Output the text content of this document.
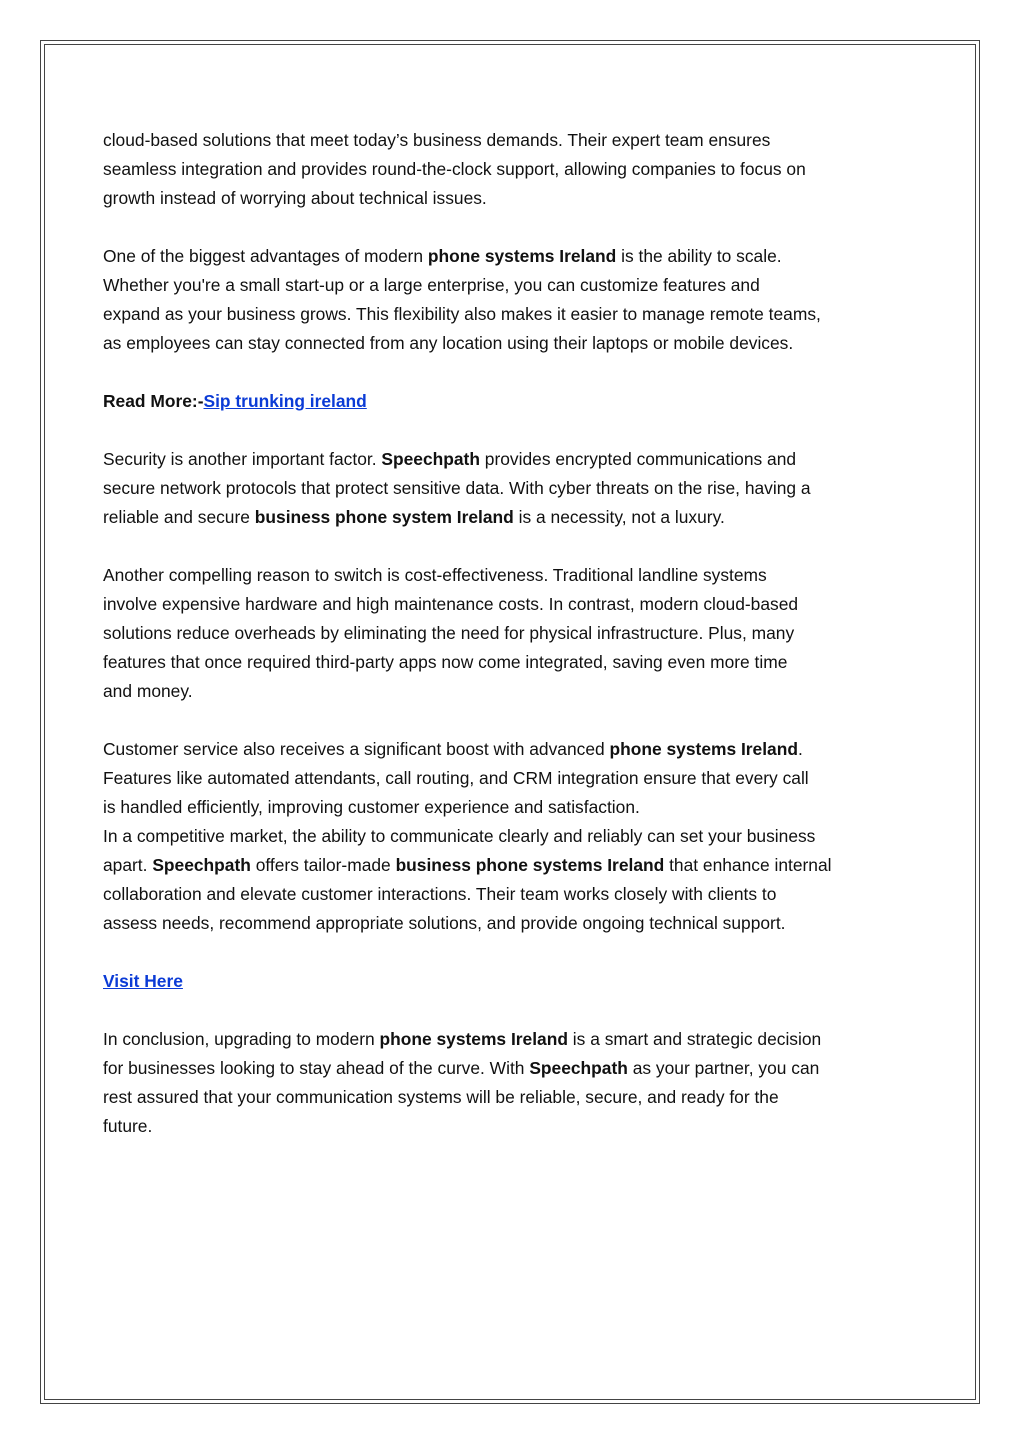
cloud-based solutions that meet today’s business demands. Their expert team ensures
seamless integration and provides round-the-clock support, allowing companies to focus on
growth instead of worrying about technical issues.

One of the biggest advantages of modern phone systems Ireland is the ability to scale.
Whether you're a small start-up or a large enterprise, you can customize features and
expand as your business grows. This flexibility also makes it easier to manage remote teams,
as employees can stay connected from any location using their laptops or mobile devices.

Read More:-Sip trunking ireland

Security is another important factor. Speechpath provides encrypted communications and
secure network protocols that protect sensitive data. With cyber threats on the rise, having a
reliable and secure business phone system Ireland is a necessity, not a luxury.

Another compelling reason to switch is cost-effectiveness. Traditional landline systems
involve expensive hardware and high maintenance costs. In contrast, modern cloud-based
solutions reduce overheads by eliminating the need for physical infrastructure. Plus, many
features that once required third-party apps now come integrated, saving even more time
and money.

Customer service also receives a significant boost with advanced phone systems Ireland.
Features like automated attendants, call routing, and CRM integration ensure that every call
is handled efficiently, improving customer experience and satisfaction.
In a competitive market, the ability to communicate clearly and reliably can set your business
apart. Speechpath offers tailor-made business phone systems Ireland that enhance internal
collaboration and elevate customer interactions. Their team works closely with clients to
assess needs, recommend appropriate solutions, and provide ongoing technical support.

Visit Here

In conclusion, upgrading to modern phone systems Ireland is a smart and strategic decision
for businesses looking to stay ahead of the curve. With Speechpath as your partner, you can
rest assured that your communication systems will be reliable, secure, and ready for the
future.
